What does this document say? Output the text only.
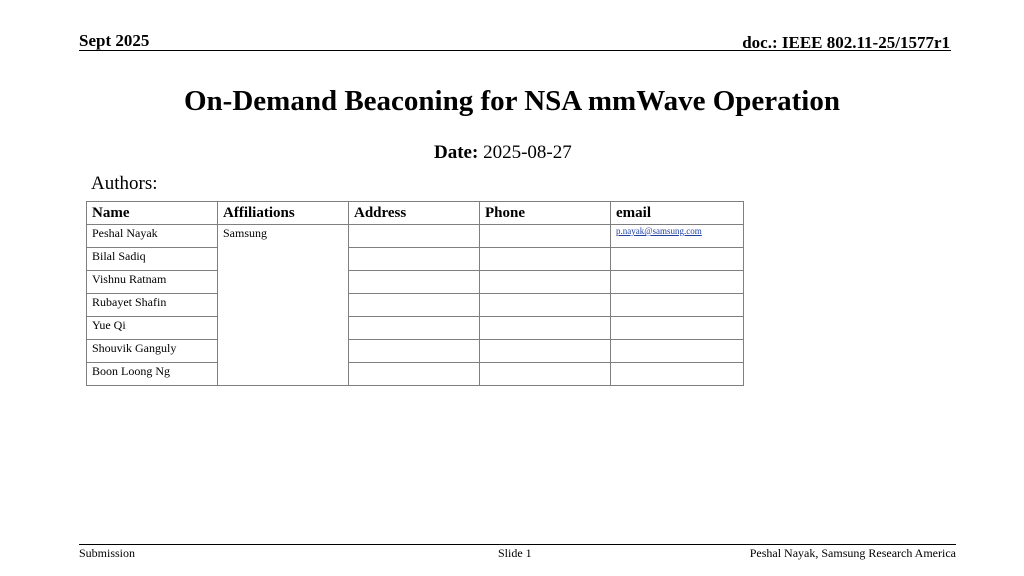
Sept 2025	doc.: IEEE 802.11-25/1577r1
On-Demand Beaconing for NSA mmWave Operation
Date: 2025-08-27
Authors:
Name	Affiliations	Address	Phone	email
Peshal Nayak	Samsung			p.nayak@samsung.com
Bilal Sadiq				
Vishnu Ratnam				
Rubayet Shafin				
Yue Qi				
Shouvik Ganguly				
Boon Loong Ng				
Submission	Slide 1	Peshal Nayak, Samsung Research America
